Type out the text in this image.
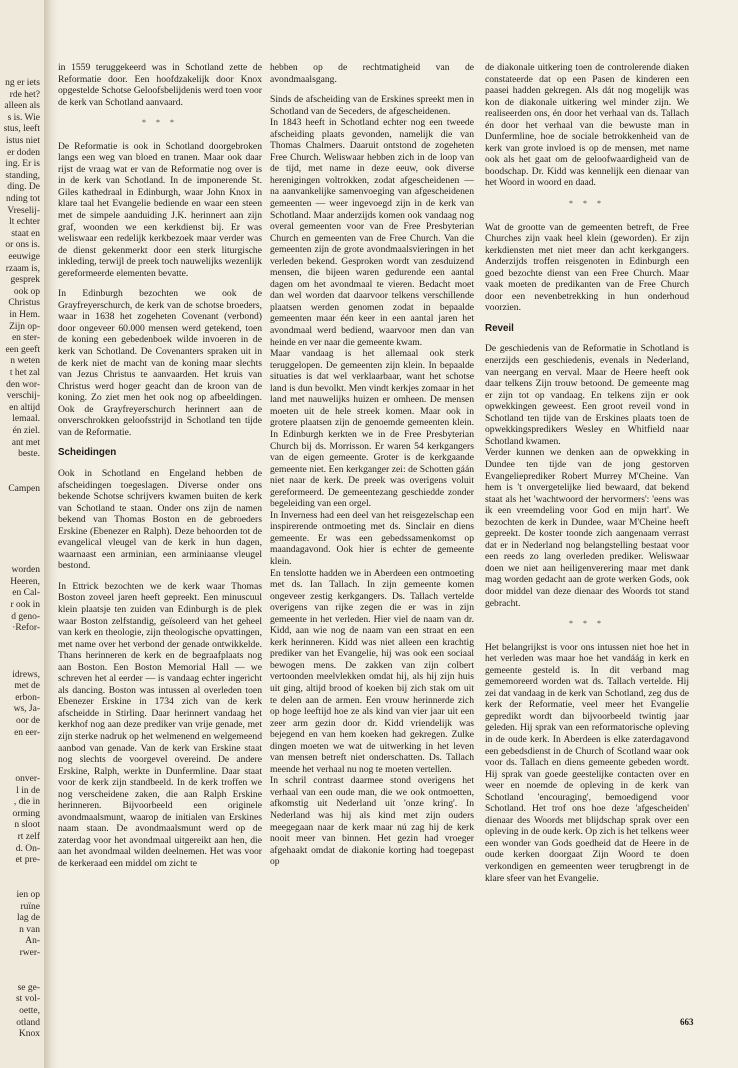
ng er iets
rde het?
alleen als
s is. Wie
stus, leeft
istus niet
er doden
ing. Er is
standing,
ding. De
nding tot
Vreselij-
lt echter
staat en
or ons is.
eeuwige
rzaam is,
gesprek
ook op
Christus
in Hem.
Zijn op-
en ster-
een geeft
n weten
t het zal
den wor-
verschij-
en altijd
lemaal.
én ziel.
ant met
beste.
Campen
worden
Heeren,
en Cal-
r ook in
d geno-
·Refor-
idrews,
met de
erbon-
ws, Ja-
oor de
en eer-
onver-
l in de
, die in
orming
n sloot
rt zelf
d. On-
et pre-
ien op
ruïne
lag de
n van
An-
rwer-
se ge-
st vol-
oette,
otland
Knox

in 1559 teruggekeerd was in Schotland zette de Reformatie door. Een hoofdzakelijk door Knox opgestelde Schotse Geloofsbelijdenis werd toen voor de kerk van Schotland aanvaard.

* * *

De Reformatie is ook in Schotland doorgebroken langs een weg van bloed en tranen. Maar ook daar rijst de vraag wat er van de Reformatie nog over is in de kerk van Schotland. In de imponerende St. Giles kathedraal in Edinburgh, waar John Knox in klare taal het Evangelie bediende en waar een steen met de simpele aanduiding J.K. herinnert aan zijn graf, woonden we een kerkdienst bij. Er was weliswaar een redelijk kerkbezoek maar verder was de dienst gekenmerkt door een sterk liturgische inkleding, terwijl de preek toch nauwelijks wezenlijk gereformeerde elementen bevatte.

In Edinburgh bezochten we ook de Grayfreyerschurch, de kerk van de schotse broeders, waar in 1638 het zogeheten Covenant (verbond) door ongeveer 60.000 mensen werd getekend, toen de koning een gebedenboek wilde invoeren in de kerk van Schotland. De Covenanters spraken uit in de kerk niet de macht van de koning maar slechts van Jezus Christus te aanvaarden. Het kruis van Christus werd hoger geacht dan de kroon van de koning. Zo ziet men het ook nog op afbeeldingen. Ook de Grayfreyerschurch herinnert aan de onverschrokken geloofsstrijd in Schotland ten tijde van de Reformatie.

Scheidingen

Ook in Schotland en Engeland hebben de afscheidingen toegeslagen. Diverse onder ons bekende Schotse schrijvers kwamen buiten de kerk van Schotland te staan. Onder ons zijn de namen bekend van Thomas Boston en de gebroeders Erskine (Ebenezer en Ralph). Deze behoorden tot de evangelical vleugel van de kerk in hun dagen, waarnaast een arminian, een arminiaanse vleugel bestond.

In Ettrick bezochten we de kerk waar Thomas Boston zoveel jaren heeft gepreekt. Een minuscuul klein plaatsje ten zuiden van Edinburgh is de plek waar Boston zelfstandig, geïsoleerd van het geheel van kerk en theologie, zijn theologische opvattingen, met name over het verbond der genade ontwikkelde. Thans herinneren de kerk en de begraafplaats nog aan Boston. Een Boston Memorial Hall — we schreven het al eerder — is vandaag echter ingericht als dancing. Boston was intussen al overleden toen Ebenezer Erskine in 1734 zich van de kerk afscheidde in Stirling. Daar herinnert vandaag het kerkhof nog aan deze prediker van vrije genade, met zijn sterke nadruk op het welmenend en welgemeend aanbod van genade. Van de kerk van Erskine staat nog slechts de voorgevel overeind. De andere Erskine, Ralph, werkte in Dunfermline. Daar staat voor de kerk zijn standbeeld. In de kerk troffen we nog verscheidene zaken, die aan Ralph Erskine herinneren. Bijvoorbeeld een originele avondmaalsmunt, waarop de initialen van Erskines naam staan. De avondmaalsmunt werd op de zaterdag voor het avondmaal uitgereikt aan hen, die aan het avondmaal wilden deelnemen. Het was voor de kerkeraad een middel om zicht te

hebben op de rechtmatigheid van de avondmaalsgang.

Sinds de afscheiding van de Erskines spreekt men in Schotland van de Seceders, de afgescheidenen.

In 1843 heeft in Schotland echter nog een tweede afscheiding plaats gevonden, namelijk die van Thomas Chalmers. Daaruit ontstond de zogeheten Free Church. Weliswaar hebben zich in de loop van de tijd, met name in deze eeuw, ook diverse herenigingen voltrokken, zodat afgescheidenen — na aanvankelijke samenvoeging van afgescheidenen gemeenten — weer ingevoegd zijn in de kerk van Schotland. Maar anderzijds komen ook vandaag nog overal gemeenten voor van de Free Presbyterian Church en gemeenten van de Free Church. Van die gemeenten zijn de grote avondmaalsvieringen in het verleden bekend. Gesproken wordt van zesduizend mensen, die bijeen waren gedurende een aantal dagen om het avondmaal te vieren. Bedacht moet dan wel worden dat daarvoor telkens verschillende plaatsen werden genomen zodat in bepaalde gemeenten maar één keer in een aantal jaren het avondmaal werd bediend, waarvoor men dan van heinde en ver naar die gemeente kwam.

Maar vandaag is het allemaal ook sterk teruggelopen. De gemeenten zijn klein. In bepaalde situaties is dat wel verklaarbaar, want het schotse land is dun bevolkt. Men vindt kerkjes zomaar in het land met nauwelijks huizen er omheen. De mensen moeten uit de hele streek komen. Maar ook in grotere plaatsen zijn de genoemde gemeenten klein. In Edinburgh kerkten we in de Free Presbyterian Church bij ds. Morrisson. Er waren 54 kerkgangers van de eigen gemeente. Groter is de kerkgaande gemeente niet. Een kerkganger zei: de Schotten gáán niet naar de kerk. De preek was overigens voluit gereformeerd. De gemeentezang geschiedde zonder begeleiding van een orgel.

In Inverness had een deel van het reisgezelschap een inspirerende ontmoeting met ds. Sinclair en diens gemeente. Er was een gebedssamenkomst op maandagavond. Ook hier is echter de gemeente klein.

En tenslotte hadden we in Aberdeen een ontmoeting met ds. Ian Tallach. In zijn gemeente komen ongeveer zestig kerkgangers. Ds. Tallach vertelde overigens van rijke zegen die er was in zijn gemeente in het verleden. Hier viel de naam van dr. Kidd, aan wie nog de naam van een straat en een kerk herinneren. Kidd was niet alleen een krachtig prediker van het Evangelie, hij was ook een sociaal bewogen mens. De zakken van zijn colbert vertoonden meelvlekken omdat hij, als hij zijn huis uit ging, altijd brood of koeken bij zich stak om uit te delen aan de armen. Een vrouw herinnerde zich op hoge leeftijd hoe ze als kind van vier jaar uit een zeer arm gezin door dr. Kidd vriendelijk was bejegend en van hem koeken had gekregen. Zulke dingen moeten we wat de uitwerking in het leven van mensen betreft niet onderschatten. Ds. Tallach meende het verhaal nu nog te moeten vertellen.

In schril contrast daarmee stond overigens het verhaal van een oude man, die we ook ontmoetten, afkomstig uit Nederland uit 'onze kring'. In Nederland was hij als kind met zijn ouders meegegaan naar de kerk maar nú zag hij de kerk nooit meer van binnen. Het gezin had vroeger afgehaakt omdat de diakonie korting had toegepast op

de diakonale uitkering toen de controlerende diaken constateerde dat op een Pasen de kinderen een paasei hadden gekregen. Als dát nog mogelijk was kon de diakonale uitkering wel minder zijn. We realiseerden ons, én door het verhaal van ds. Tallach én door het verhaal van die bewuste man in Dunfermline, hoe de sociale betrokkenheid van de kerk van grote invloed is op de mensen, met name ook als het gaat om de geloofwaardigheid van de boodschap. Dr. Kidd was kennelijk een dienaar van het Woord in woord en daad.

* * *

Wat de grootte van de gemeenten betreft, de Free Churches zijn vaak heel klein (geworden). Er zijn kerkdiensten met niet meer dan acht kerkgangers. Anderzijds troffen reisgenoten in Edinburgh een goed bezochte dienst van een Free Church. Maar vaak moeten de predikanten van de Free Church door een nevenbetrekking in hun onderhoud voorzien.

Reveil

De geschiedenis van de Reformatie in Schotland is enerzijds een geschiedenis, evenals in Nederland, van neergang en verval. Maar de Heere heeft ook daar telkens Zijn trouw betoond. De gemeente mag er zijn tot op vandaag. En telkens zijn er ook opwekkingen geweest. Een groot reveil vond in Schotland ten tijde van de Erskines plaats toen de opwekkingspredikers Wesley en Whitfield naar Schotland kwamen.

Verder kunnen we denken aan de opwekking in Dundee ten tijde van de jong gestorven Evangelieprediker Robert Murrey M'Cheine. Van hem is 't onvergetelijke lied bewaard, dat bekend staat als het 'wachtwoord der hervormers': 'eens was ik een vreemdeling voor God en mijn hart'. We bezochten de kerk in Dundee, waar M'Cheine heeft gepreekt. De koster toonde zich aangenaam verrast dat er in Nederland nog belangstelling bestaat voor een reeds zo lang overleden prediker. Weliswaar doen we niet aan heiligenverering maar met dank mag worden gedacht aan de grote werken Gods, ook door middel van deze dienaar des Woords tot stand gebracht.

* * *

Het belangrijkst is voor ons intussen niet hoe het in het verleden was maar hoe het vandáág in kerk en gemeente gesteld is. In dit verband mag gememoreerd worden wat ds. Tallach vertelde. Hij zei dat vandaag in de kerk van Schotland, zeg dus de kerk der Reformatie, veel meer het Evangelie gepredikt wordt dan bijvoorbeeld twintig jaar geleden. Hij sprak van een reformatorische opleving in de oude kerk. In Aberdeen is elke zaterdagavond een gebedsdienst in de Church of Scotland waar ook voor ds. Tallach en diens gemeente gebeden wordt. Hij sprak van goede geestelijke contacten over en weer en noemde de opleving in de kerk van Schotland 'encouraging', bemoedigend voor Schotland. Het trof ons hoe deze 'afgescheiden' dienaar des Woords met blijdschap sprak over een opleving in de oude kerk. Op zich is het telkens weer een wonder van Gods goedheid dat de Heere in de oude kerken doorgaat Zijn Woord te doen verkondigen en gemeenten weer terugbrengt in de klare sfeer van het Evangelie.

663
